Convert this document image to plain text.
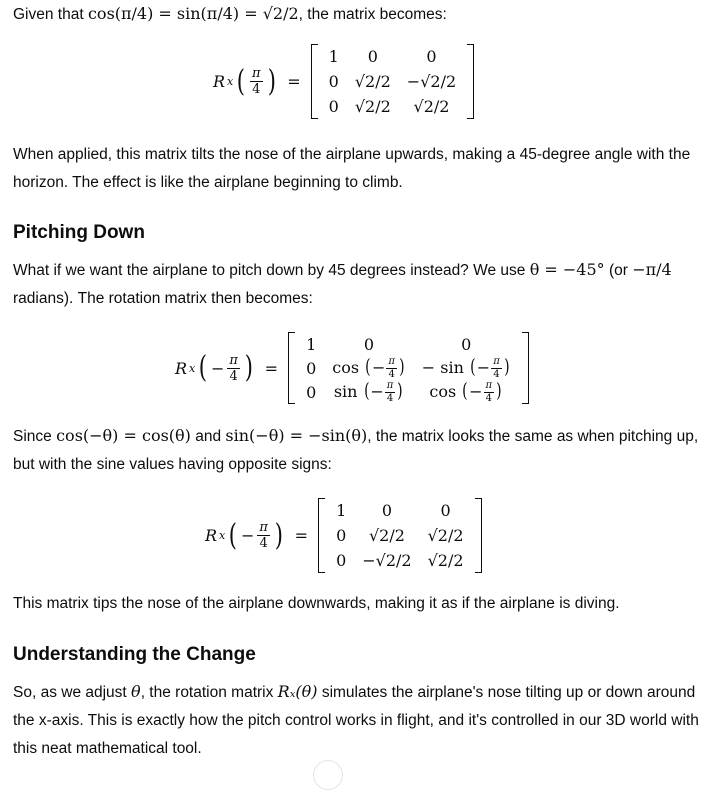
Given that cos(π/4) = sin(π/4) = √2/2, the matrix becomes:

R x ( $\frac{\pi}{4}$ ) =
1	0	0
0	√2/2	−√2/2
0	√2/2	√2/2

When applied, this matrix tilts the nose of the airplane upwards, making a 45-degree angle with the horizon. The effect is like the airplane beginning to climb.

Pitching Down

What if we want the airplane to pitch down by 45 degrees instead? We use θ = −45° (or −π/4 radians). The rotation matrix then becomes:

R x ( − $\frac{\pi}{4}$ ) =
1	0	0
0	cos (− $\frac{\pi}{4}$ )	− sin (− $\frac{\pi}{4}$ )
0	sin (− $\frac{\pi}{4}$ )	cos (− $\frac{\pi}{4}$ )

Since cos(−θ) = cos(θ) and sin(−θ) = −sin(θ), the matrix looks the same as when pitching up, but with the sine values having opposite signs:

R x ( − $\frac{\pi}{4}$ ) =
1	0	0
0	√2/2	√2/2
0	−√2/2	√2/2

This matrix tips the nose of the airplane downwards, making it as if the airplane is diving.

Understanding the Change

So, as we adjust θ, the rotation matrix Rₓ(θ) simulates the airplane's nose tilting up or down around the x-axis. This is exactly how the pitch control works in flight, and it's controlled in our 3D world with this neat mathematical tool.
